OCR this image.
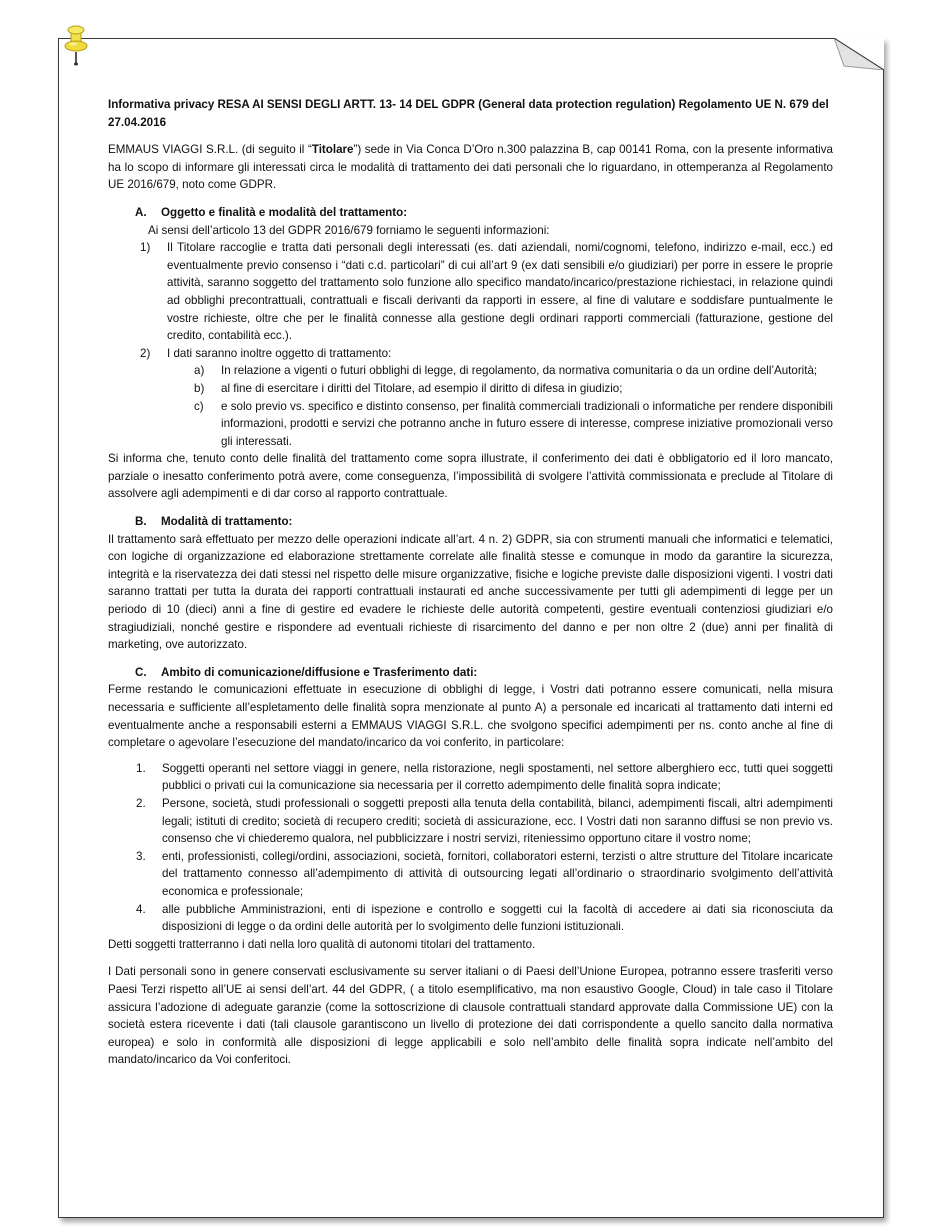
Informativa privacy RESA AI SENSI DEGLI ARTT. 13- 14 DEL GDPR (General data protection regulation) Regolamento UE N. 679 del 27.04.2016

EMMAUS VIAGGI S.R.L. (di seguito il “Titolare”) sede in Via Conca D’Oro n.300 palazzina B, cap 00141 Roma, con la presente informativa ha lo scopo di informare gli interessati circa le modalità di trattamento dei dati personali che lo riguardano, in ottemperanza al Regolamento UE 2016/679, noto come GDPR.

A. Oggetto e finalità e modalità del trattamento:

Ai sensi dell’articolo 13 del GDPR 2016/679 forniamo le seguenti informazioni:

1) Il Titolare raccoglie e tratta dati personali degli interessati (es. dati aziendali, nomi/cognomi, telefono, indirizzo e-mail, ecc.) ed eventualmente previo consenso i “dati c.d. particolari” di cui all’art 9 (ex dati sensibili e/o giudiziari) per porre in essere le proprie attività, saranno soggetto del trattamento solo funzione allo specifico mandato/incarico/prestazione richiestaci, in relazione quindi ad obblighi precontrattuali, contrattuali e fiscali derivanti da rapporti in essere, al fine di valutare e soddisfare puntualmente le vostre richieste, oltre che per le finalità connesse alla gestione degli ordinari rapporti commerciali (fatturazione, gestione del credito, contabilità ecc.).
2) I dati saranno inoltre oggetto di trattamento:
a) In relazione a vigenti o futuri obblighi di legge, di regolamento, da normativa comunitaria o da un ordine dell’Autorità;
b) al fine di esercitare i diritti del Titolare, ad esempio il diritto di difesa in giudizio;
c) e solo previo vs. specifico e distinto consenso, per finalità commerciali tradizionali o informatiche per rendere disponibili informazioni, prodotti e servizi che potranno anche in futuro essere di interesse, comprese iniziative promozionali verso gli interessati.

Si informa che, tenuto conto delle finalità del trattamento come sopra illustrate, il conferimento dei dati è obbligatorio ed il loro mancato, parziale o inesatto conferimento potrà avere, come conseguenza, l’impossibilità di svolgere l’attività commissionata e preclude al Titolare di assolvere agli adempimenti e di dar corso al rapporto contrattuale.

B. Modalità di trattamento:

Il trattamento sarà effettuato per mezzo delle operazioni indicate all’art. 4 n. 2) GDPR, sia con strumenti manuali che informatici e telematici, con logiche di organizzazione ed elaborazione strettamente correlate alle finalità stesse e comunque in modo da garantire la sicurezza, integrità e la riservatezza dei dati stessi nel rispetto delle misure organizzative, fisiche e logiche previste dalle disposizioni vigenti. I vostri dati saranno trattati per tutta la durata dei rapporti contrattuali instaurati ed anche successivamente per tutti gli adempimenti di legge per un periodo di 10 (dieci) anni a fine di gestire ed evadere le richieste delle autorità competenti, gestire eventuali contenziosi giudiziari e/o stragiudiziali, nonché gestire e rispondere ad eventuali richieste di risarcimento del danno e per non oltre 2 (due) anni per finalità di marketing, ove autorizzato.

C. Ambito di comunicazione/diffusione e Trasferimento dati:

Ferme restando le comunicazioni effettuate in esecuzione di obblighi di legge, i Vostri dati potranno essere comunicati, nella misura necessaria e sufficiente all’espletamento delle finalità sopra menzionate al punto A) a personale ed incaricati al trattamento dati interni ed eventualmente anche a responsabili esterni a EMMAUS VIAGGI S.R.L. che svolgono specifici adempimenti per ns. conto anche al fine di completare o agevolare l’esecuzione del mandato/incarico da voi conferito, in particolare:

1. Soggetti operanti nel settore viaggi in genere, nella ristorazione, negli spostamenti, nel settore alberghiero ecc, tutti quei soggetti pubblici o privati cui la comunicazione sia necessaria per il corretto adempimento delle finalità sopra indicate;
2. Persone, società, studi professionali o soggetti preposti alla tenuta della contabilità, bilanci, adempimenti fiscali, altri adempimenti legali; istituti di credito; società di recupero crediti; società di assicurazione, ecc. I Vostri dati non saranno diffusi se non previo vs. consenso che vi chiederemo qualora, nel pubblicizzare i nostri servizi, riteniessimo opportuno citare il vostro nome;
3. enti, professionisti, collegi/ordini, associazioni, società, fornitori, collaboratori esterni, terzisti o altre strutture del Titolare incaricate del trattamento connesso all’adempimento di attività di outsourcing legati all’ordinario o straordinario svolgimento dell’attività economica e professionale;
4. alle pubbliche Amministrazioni, enti di ispezione e controllo e soggetti cui la facoltà di accedere ai dati sia riconosciuta da disposizioni di legge o da ordini delle autorità per lo svolgimento delle funzioni istituzionali.

Detti soggetti tratterranno i dati nella loro qualità di autonomi titolari del trattamento.

I Dati personali sono in genere conservati esclusivamente su server italiani o di Paesi dell’Unione Europea, potranno essere trasferiti verso Paesi Terzi rispetto all’UE ai sensi dell’art. 44 del GDPR, ( a titolo esemplificativo, ma non esaustivo Google, Cloud) in tale caso il Titolare assicura l’adozione di adeguate garanzie (come la sottoscrizione di clausole contrattuali standard approvate dalla Commissione UE) con la società estera ricevente i dati (tali clausole garantiscono un livello di protezione dei dati corrispondente a quello sancito dalla normativa europea) e solo in conformità alle disposizioni di legge applicabili e solo nell’ambito delle finalità sopra indicate nell’ambito del mandato/incarico da Voi conferitoci.
